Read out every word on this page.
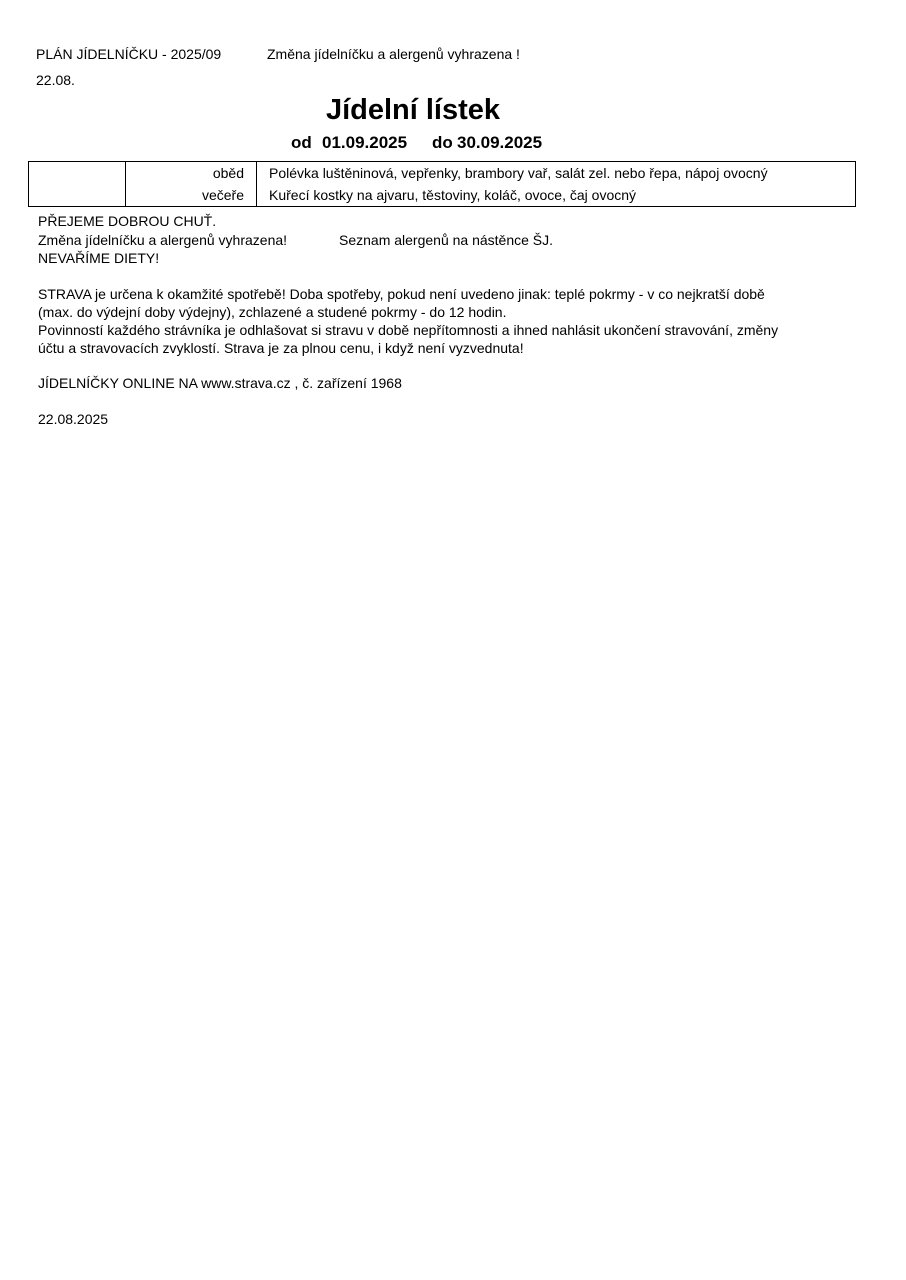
PLÁN JÍDELNÍČKU - 2025/09	Změna jídelníčku a alergenů vyhrazena !
22.08.
Jídelní lístek
od 01.09.2025 do 30.09.2025
	oběd	Polévka luštěninová, vepřenky, brambory vař, salát zel. nebo řepa, nápoj ovocný
	večeře	Kuřecí kostky na ajvaru, těstoviny, koláč, ovoce, čaj ovocný
PŘEJEME DOBROU CHUŤ.
Změna jídelníčku a alergenů vyhrazena!	Seznam alergenů na nástěnce ŠJ.
NEVAŘÍME DIETY!
STRAVA je určena k okamžité spotřebě! Doba spotřeby, pokud není uvedeno jinak: teplé pokrmy - v co nejkratší době
(max. do výdejní doby výdejny), zchlazené a studené pokrmy - do 12 hodin.
Povinností každého strávníka je odhlašovat si stravu v době nepřítomnosti a ihned nahlásit ukončení stravování, změny
účtu a stravovacích zvyklostí. Strava je za plnou cenu, i když není vyzvednuta!
JÍDELNÍČKY ONLINE NA www.strava.cz , č. zařízení 1968
22.08.2025
